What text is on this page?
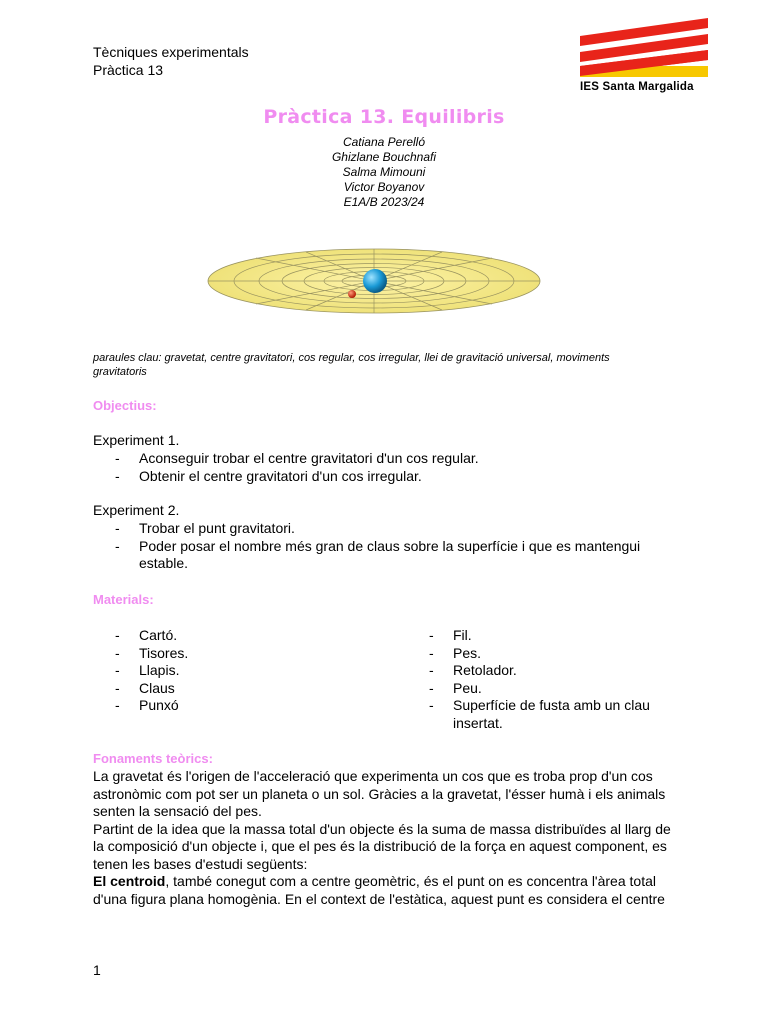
Tècniques experimentals
Pràctica 13
IES Santa Margalida
Pràctica 13. Equilibris
Catiana Perelló
Ghizlane Bouchnafi
Salma Mimouni
Victor Boyanov
E1A/B 2023/24
paraules clau: gravetat, centre gravitatori, cos regular, cos irregular, llei de gravitació universal, moviments gravitatoris
Objectius:
Experiment 1.
- Aconseguir trobar el centre gravitatori d'un cos regular.
- Obtenir el centre gravitatori d'un cos irregular.
Experiment 2.
- Trobar el punt gravitatori.
- Poder posar el nombre més gran de claus sobre la superfície i que es mantengui estable.
Materials:
- Cartó.
- Tisores.
- Llapis.
- Claus
- Punxó
- Fil.
- Pes.
- Retolador.
- Peu.
- Superfície de fusta amb un clau insertat.
Fonaments teòrics:
La gravetat és l'origen de l'acceleració que experimenta un cos que es troba prop d'un cos astronòmic com pot ser un planeta o un sol. Gràcies a la gravetat, l'ésser humà i els animals senten la sensació del pes.
Partint de la idea que la massa total d'un objecte és la suma de massa distribuïdes al llarg de la composició d'un objecte i, que el pes és la distribució de la força en aquest component, es tenen les bases d'estudi següents:
El centroid, també conegut com a centre geomètric, és el punt on es concentra l'àrea total d'una figura plana homogènia. En el context de l'estàtica, aquest punt es considera el centre
1
